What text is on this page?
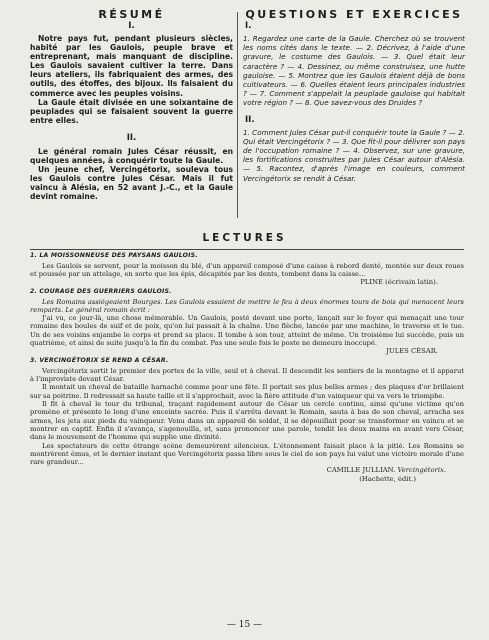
RÉSUMÉ
I.

Notre pays fut, pendant plusieurs siècles, habité par les Gaulois, peuple brave et entreprenant, mais manquant de discipline. Les Gaulois savaient cultiver la terre. Dans leurs ateliers, ils fabriquaient des armes, des outils, des étoffes, des bijoux. Ils faisaient du commerce avec les peuples voisins.

La Gaule était divisée en une soixantaine de peuplades qui se faisaient souvent la guerre entre elles.

II.

Le général romain Jules César réussit, en quelques années, à conquérir toute la Gaule.

Un jeune chef, Vercingétorix, souleva tous les Gaulois contre Jules César. Mais il fut vaincu à Alésia, en 52 avant J.-C., et la Gaule devint romaine.

QUESTIONS ET EXERCICES
I.

1. Regardez une carte de la Gaule. Cherchez où se trouvent les noms cités dans le texte. — 2. Décrivez, à l'aide d'une gravure, le costume des Gaulois. — 3. Quel était leur caractère ? — 4. Dessinez, ou même construisez, une hutte gauloise. — 5. Montrez que les Gaulois étaient déjà de bons cultivateurs. — 6. Quelles étaient leurs principales industries ? — 7. Comment s'appelait la peuplade gauloise qui habitait votre région ? — 8. Que savez-vous des Druides ?

II.

1. Comment Jules César put-il conquérir toute la Gaule ? — 2. Qui était Vercingétorix ? — 3. Que fit-il pour délivrer son pays de l'occupation romaine ? — 4. Observez, sur une gravure, les fortifications construites par Jules César autour d'Alésia. — 5. Racontez, d'après l'image en couleurs, comment Vercingétorix se rendit à César.

LECTURES

1. LA MOISSONNEUSE DES PAYSANS GAULOIS.

Les Gaulois se servent, pour la moisson du blé, d'un appareil composé d'une caisse à rebord denté, montée sur deux roues et poussée par un attelage, en sorte que les épis, décapités par les dents, tombent dans la caisse...

PLINE (écrivain latin).

2. COURAGE DES GUERRIERS GAULOIS.

Les Romains assiégeaient Bourges. Les Gaulois essaient de mettre le feu à deux énormes tours de bois qui menacent leurs remparts. Le général romain écrit :

J'ai vu, ce jour-là, une chose mémorable. Un Gaulois, posté devant une porte, lançait sur le foyer qui menaçait une tour romaine des boules de suif et de poix, qu'on lui passait à la chaîne. Une flèche, lancée par une machine, le traverse et le tue. Un de ses voisins enjambe le corps et prend sa place. Il tombe à son tour, atteint de même. Un troisième lui succède, puis un quatrième, et ainsi de suite jusqu'à la fin du combat. Pas une seule fois le poste ne demeura inoccupé.

JULES CÉSAR.

3. VERCINGÉTORIX SE REND A CÉSAR.

Vercingétorix sortit le premier des portes de la ville, seul et à cheval. Il descendit les sentiers de la montagne et il apparut à l'improviste devant César.

Il montait un cheval de bataille harnaché comme pour une fête. Il portait ses plus belles armes ; des plaques d'or brillaient sur sa poitrine. Il redressait sa haute taille et il s'approchait, avec la fière attitude d'un vainqueur qui va vers le triomphe.

Il fit à cheval le tour du tribunal, traçant rapidement autour de César un cercle continu, ainsi qu'une victime qu'on promène et présente le long d'une enceinte sacrée. Puis il s'arrêta devant le Romain, sauta à bas de son cheval, arracha ses armes, les jeta aux pieds du vainqueur. Venu dans un appareil de soldat, il se dépouillait pour se transformer en vaincu et se montrer en captif. Enfin il s'avança, s'agenouilla, et, sans prononcer une parole, tendit les deux mains en avant vers César, dans le mouvement de l'homme qui supplie une divinité.

Les spectateurs de cette étrange scène demeurèrent silencieux. L'étonnement faisait place à la pitié. Les Romains se montrèrent émus, et le dernier instant que Vercingétorix passa libre sous le ciel de son pays lui valut une victoire morale d'une rare grandeur...

CAMILLE JULLIAN. Vercingétorix.

(Hachette, édit.)

— 15 —
